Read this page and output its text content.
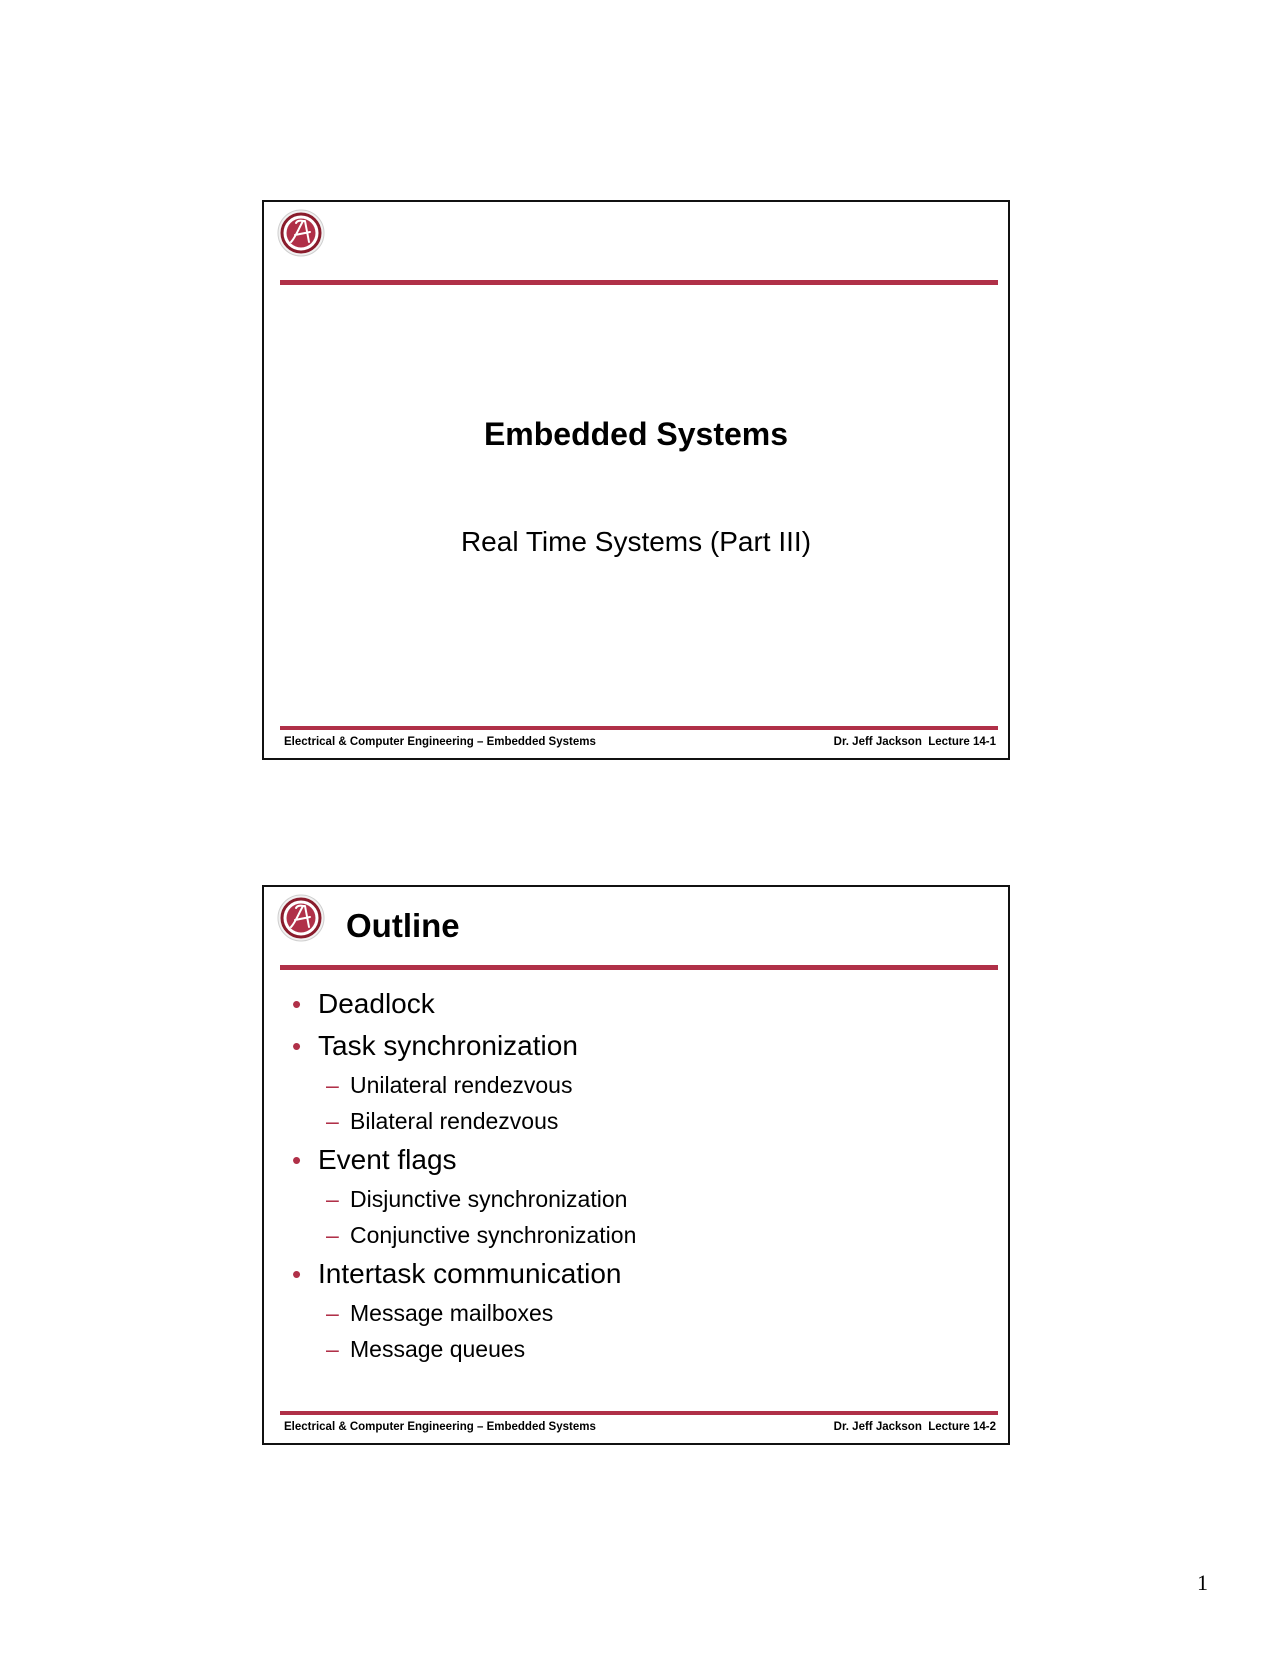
Embedded Systems
Real Time Systems (Part III)
Electrical & Computer Engineering – Embedded Systems	Dr. Jeff Jackson  Lecture 14-1
Outline
• Deadlock
• Task synchronization
– Unilateral rendezvous
– Bilateral rendezvous
• Event flags
– Disjunctive synchronization
– Conjunctive synchronization
• Intertask communication
– Message mailboxes
– Message queues
Electrical & Computer Engineering – Embedded Systems	Dr. Jeff Jackson  Lecture 14-2
1
